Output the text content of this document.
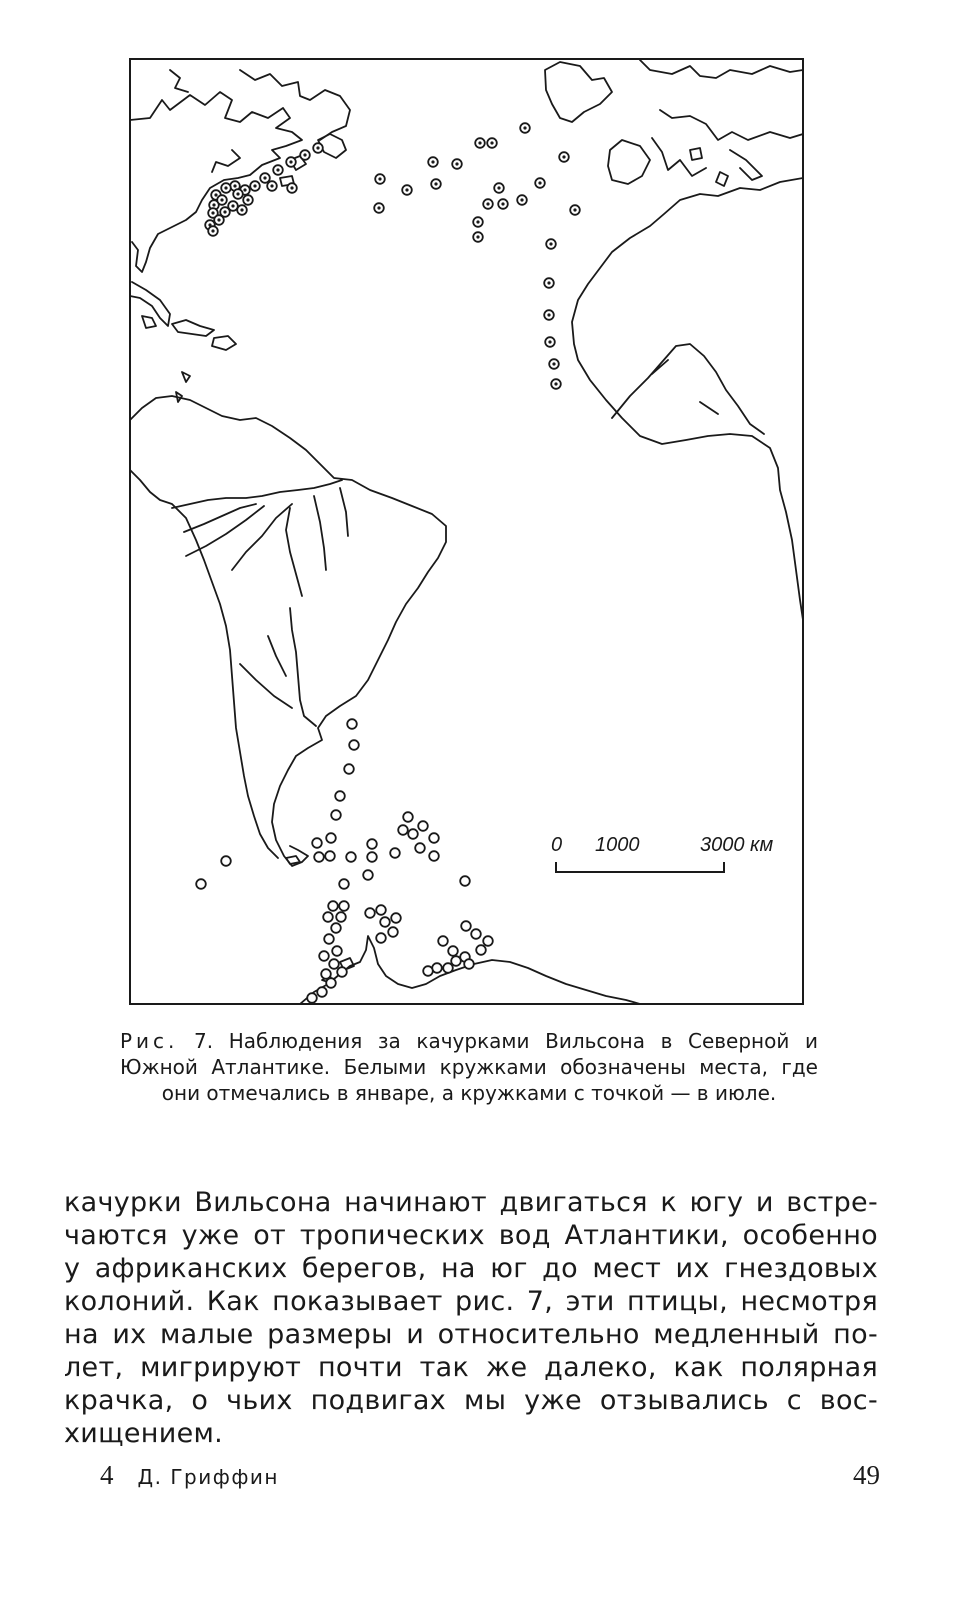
0 1000	3000 км
Рис. 7. Наблюдения за качурками Вильсона в Северной и Южной Атлантике. Белыми кружками обозначены места, где они отмечались в январе, а кружками с точкой — в июле.
качурки Вильсона начинают двигаться к югу и встре-
чаются уже от тропических вод Атлантики, особенно
у африканских берегов, на юг до мест их гнездовых
колоний. Как показывает рис. 7, эти птицы, несмотря
на их малые размеры и относительно медленный по-
лет, мигрируют почти так же далеко, как полярная
крачка, о чьих подвигах мы уже отзывались с вос-
хищением.
4 Д. Гриффин	49
